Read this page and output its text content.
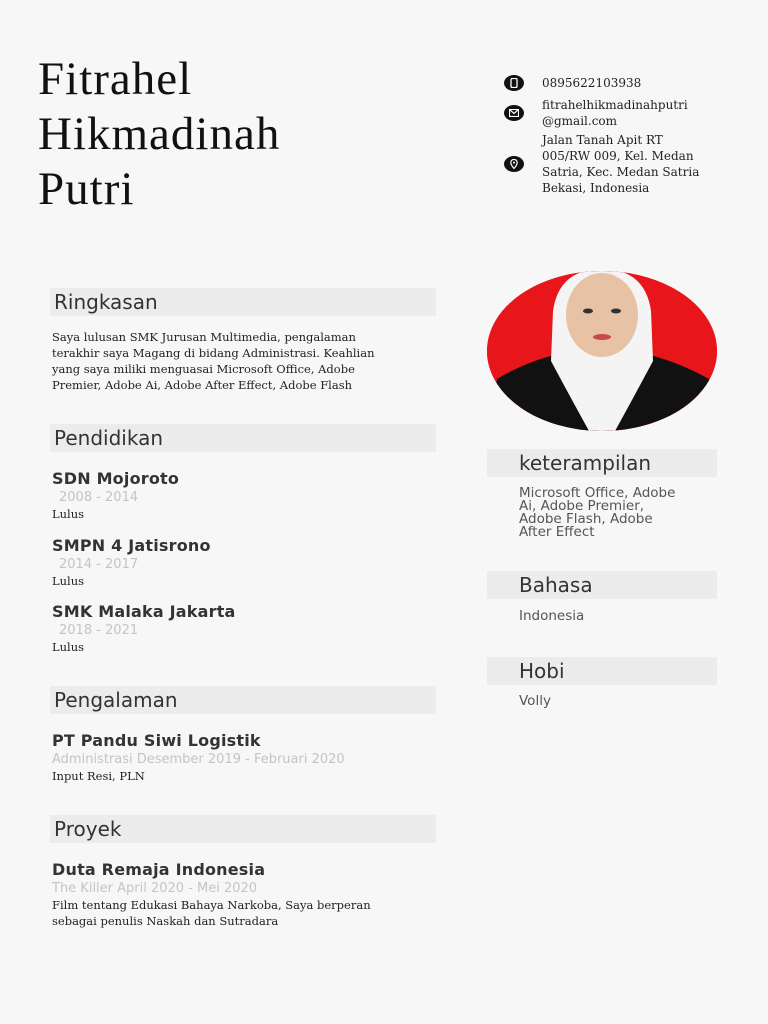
Fitrahel
Hikmadinah
Putri
0895622103938
fitrahelhikmadinahputri
@gmail.com
Jalan Tanah Apit RT
005/RW 009, Kel. Medan
Satria, Kec. Medan Satria
Bekasi, Indonesia
Ringkasan
Saya lulusan SMK Jurusan Multimedia, pengalaman
terakhir saya Magang di bidang Administrasi. Keahlian
yang saya miliki menguasai Microsoft Office, Adobe
Premier, Adobe Ai, Adobe After Effect, Adobe Flash
Pendidikan
SDN Mojoroto
2008 - 2014
Lulus
SMPN 4 Jatisrono
2014 - 2017
Lulus
SMK Malaka Jakarta
2018 - 2021
Lulus
Pengalaman
PT Pandu Siwi Logistik
Administrasi Desember 2019 - Februari 2020
Input Resi, PLN
Proyek
Duta Remaja Indonesia
The Killer April 2020 - Mei 2020
Film tentang Edukasi Bahaya Narkoba, Saya berperan
sebagai penulis Naskah dan Sutradara
keterampilan
Microsoft Office, Adobe
Ai, Adobe Premier,
Adobe Flash, Adobe
After Effect
Bahasa
Indonesia
Hobi
Volly
